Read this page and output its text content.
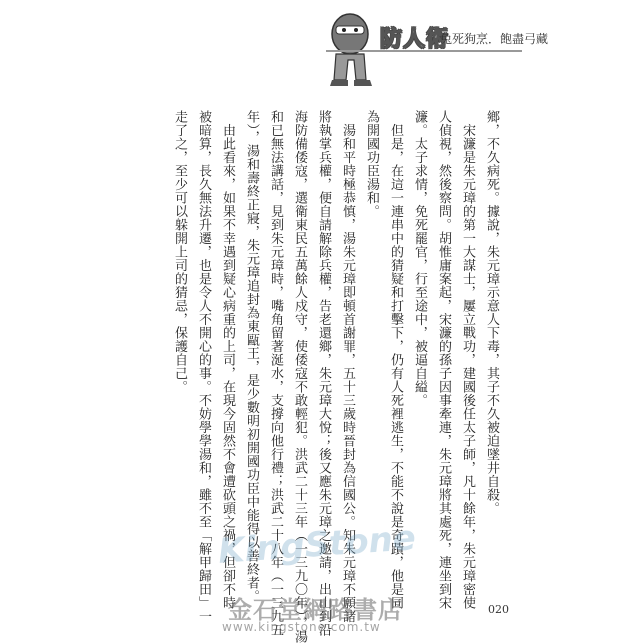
防人術
兔死狗烹．飽盡弓藏
鄉，不久病死。據說，朱元璋示意人下毒，其子不久被迫墜井自殺。
　宋濂是朱元璋的第一大謀士，屢立戰功，建國後任太子師，凡十餘年，朱元璋密使
人偵視，然後察問。胡惟庸案起，宋濂的孫子因事牽連，朱元璋將其處死，連坐到宋
濂。太子求情，免死罷官，行至途中，被逼自縊。
　但是，在這一連串中的猜疑和打擊下，仍有人死裡逃生，不能不說是奇蹟，他是同
為開國功臣湯和。
　湯和平時極恭慎，湯朱元璋即頓首謝罪，五十三歲時晉封為信國公。知朱元璋不願諸
將執掌兵權，便自請解除兵權，告老還鄉，朱元璋大悅；後又應朱元璋之邀請，出山到沿
海防備倭寇，選衛東民五萬餘人戍守，使倭寇不敢輕犯。洪武二十三年（一三九〇年），湯
和已無法講話，見到朱元璋時，嘴角留著涎水，支撐向他行禮；洪武二十八年（一三九五
年），湯和壽終正寢，朱元璋追封為東甌王，是少數明初開國功臣中能得以善終者。
　由此看來，如果不幸遇到疑心病重的上司，在現今固然不會遭砍頭之禍，但卻不時
被暗算，長久無法升遷，也是令人不開心的事。不妨學學湯和，雖不至「解甲歸田」一
走了之，至少可以躲開上司的猜忌，保護自己。
KingStone
金石堂網路書店
www.kingstone.com.tw
020
